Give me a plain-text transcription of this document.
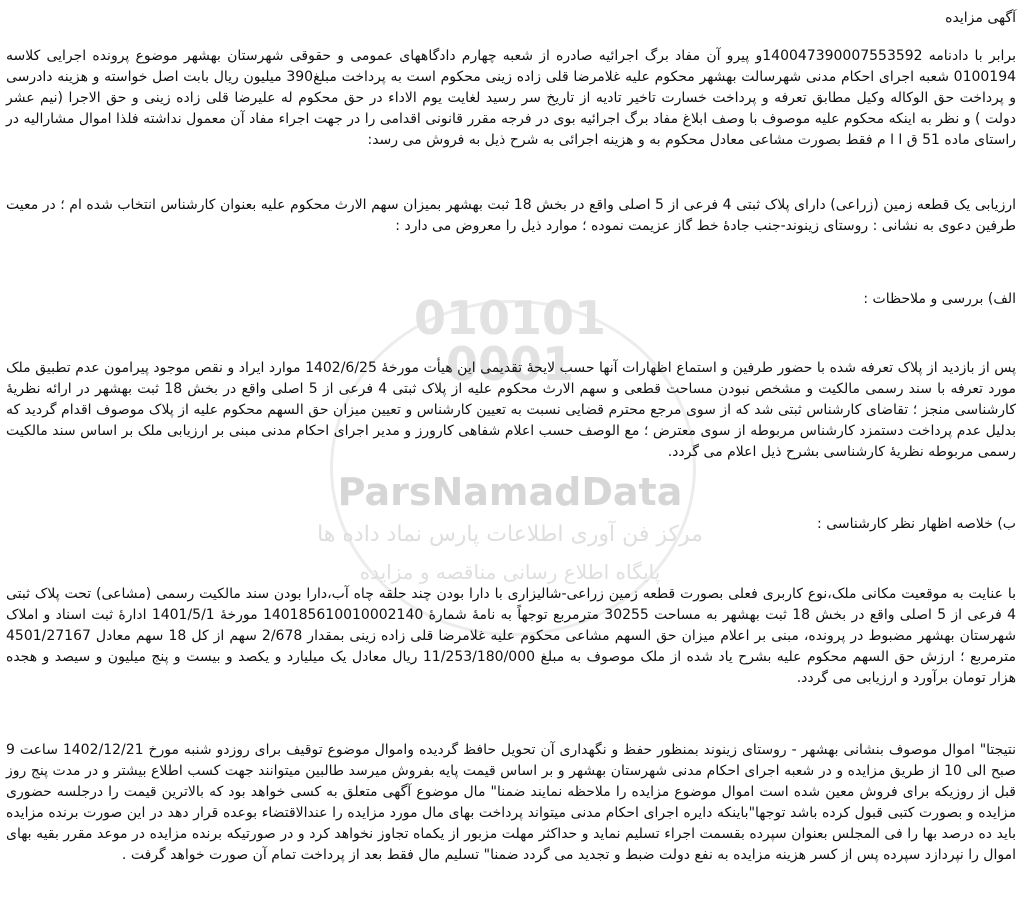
010101
0001
ParsNamadData
مرکز فن آوری اطلاعات پارس نماد داده ها
پایگاه اطلاع رسانی مناقصه و مزایده
آگهی مزایده
برابر با دادنامه 140047390007553592و پیرو آن مفاد برگ اجرائیه صادره از شعبه چهارم دادگاههای عمومی و حقوقی شهرستان بهشهر موضوع پرونده اجرایی کلاسه 0100194 شعبه اجرای احکام مدنی شهرسالت بهشهر محکوم علیه غلامرضا قلی زاده زینی محکوم است به پرداخت مبلغ390 میلیون ریال بابت اصل خواسته و هزینه دادرسی و پرداخت حق الوکاله وکیل مطابق تعرفه و پرداخت خسارت تاخیر تادیه از تاریخ سر رسید لغایت یوم الاداء در حق محکوم له علیرضا قلی زاده زینی و حق الاجرا (نیم عشر دولت ) و نظر به اینکه محکوم علیه موصوف با وصف ابلاغ مفاد برگ اجرائیه بوی در فرجه مقرر قانونی اقدامی را در جهت اجراء مفاد آن معمول نداشته فلذا اموال مشارالیه در راستای ماده 51 ق ا ا م فقط بصورت مشاعی معادل محکوم به و هزینه اجرائی به شرح ذیل به فروش می رسد:
ارزیابی یک قطعه زمین (زراعی) دارای پلاک ثبتی 4 فرعی از 5 اصلی واقع در بخش 18 ثبت بهشهر بمیزان سهم الارث محکوم علیه بعنوان کارشناس انتخاب شده ام ؛ در معیت طرفین دعوی به نشانی : روستای زینوند-جنب جادهٔ خط گاز عزیمت نموده ؛ موارد ذیل را معروض می دارد :
الف) بررسی و ملاحظات :
پس از بازدید از پلاک تعرفه شده با حضور طرفین و استماع اظهارات آنها حسب لایحهٔ تقدیمی این هیأت مورخهٔ 1402/6/25 موارد ایراد و نقص موجود پیرامون عدم تطبیق ملک مورد تعرفه با سند رسمی مالکیت و مشخص نبودن مساحت قطعی و سهم الارث محکوم علیه از پلاک ثبتی 4 فرعی از 5 اصلی واقع در بخش 18 ثبت بهشهر در ارائه نظریهٔ کارشناسی منجز ؛ تقاضای کارشناس ثبتی شد که از سوی مرجع محترم قضایی نسبت به تعیین کارشناس و تعیین میزان حق السهم محکوم علیه از پلاک موصوف اقدام گردید که بدلیل عدم پرداخت دستمزد کارشناس مربوطه از سوی معترض ؛ مع الوصف حسب اعلام شفاهی کارورز و مدیر اجرای احکام مدنی مبنی بر ارزیابی ملک بر اساس سند مالکیت رسمی مربوطه نظریهٔ کارشناسی بشرح ذیل اعلام می گردد.
ب) خلاصه اظهار نظر کارشناسی :
با عنایت به موقعیت مکانی ملک،نوع کاربری فعلی بصورت قطعه زمین زراعی-شالیزاری با دارا بودن چند حلقه چاه آب،دارا بودن سند مالکیت رسمی (مشاعی) تحت پلاک ثبتی 4 فرعی از 5 اصلی واقع در بخش 18 ثبت بهشهر به مساحت 30255 مترمربع توجهاً به نامهٔ شمارهٔ 140185610010002140 مورخهٔ 1401/5/1 ادارهٔ ثبت اسناد و املاک شهرستان بهشهر مضبوط در پرونده، مبنی بر اعلام میزان حق السهم مشاعی محکوم علیه غلامرضا قلی زاده زینی بمقدار 2/678 سهم از کل 18 سهم معادل 4501/27167 مترمربع ؛ ارزش حق السهم محکوم علیه بشرح یاد شده از ملک موصوف به مبلغ 11/253/180/000 ریال معادل یک میلیارد و یکصد و بیست و پنج میلیون و سیصد و هجده هزار تومان برآورد و ارزیابی می گردد.
نتیجتا" اموال موصوف بنشانی بهشهر - روستای زینوند بمنظور حفظ و نگهداری آن تحویل حافظ گردیده واموال موضوع توقیف برای روزدو شنبه مورخ 1402/12/21 ساعت 9 صبح الی 10 از طریق مزایده و در شعبه اجرای احکام مدنی شهرستان بهشهر و بر اساس قیمت پایه بفروش میرسد طالبین میتوانند جهت کسب اطلاع بیشتر و در مدت پنج روز قبل از روزیکه برای فروش معین شده است اموال موضوع مزایده را ملاحظه نمایند ضمنا" مال موضوع آگهی متعلق به کسی خواهد بود که بالاترین قیمت را درجلسه حضوری مزایده و بصورت کتبی قبول کرده باشد توجها"باینکه دایره اجرای احکام مدنی میتواند پرداخت بهای مال مورد مزایده را عندالاقتضاء بوعده قرار دهد در این صورت برنده مزایده باید ده درصد بها را فی المجلس بعنوان سپرده بقسمت اجراء تسلیم نماید و حداکثر مهلت مزبور از یکماه تجاوز نخواهد کرد و در صورتیکه برنده مزایده در موعد مقرر بقیه بهای اموال را نپردازد سپرده پس از کسر هزینه مزایده به نفع دولت ضبط و تجدید می گردد ضمنا" تسلیم مال فقط بعد از پرداخت تمام آن صورت خواهد گرفت .
